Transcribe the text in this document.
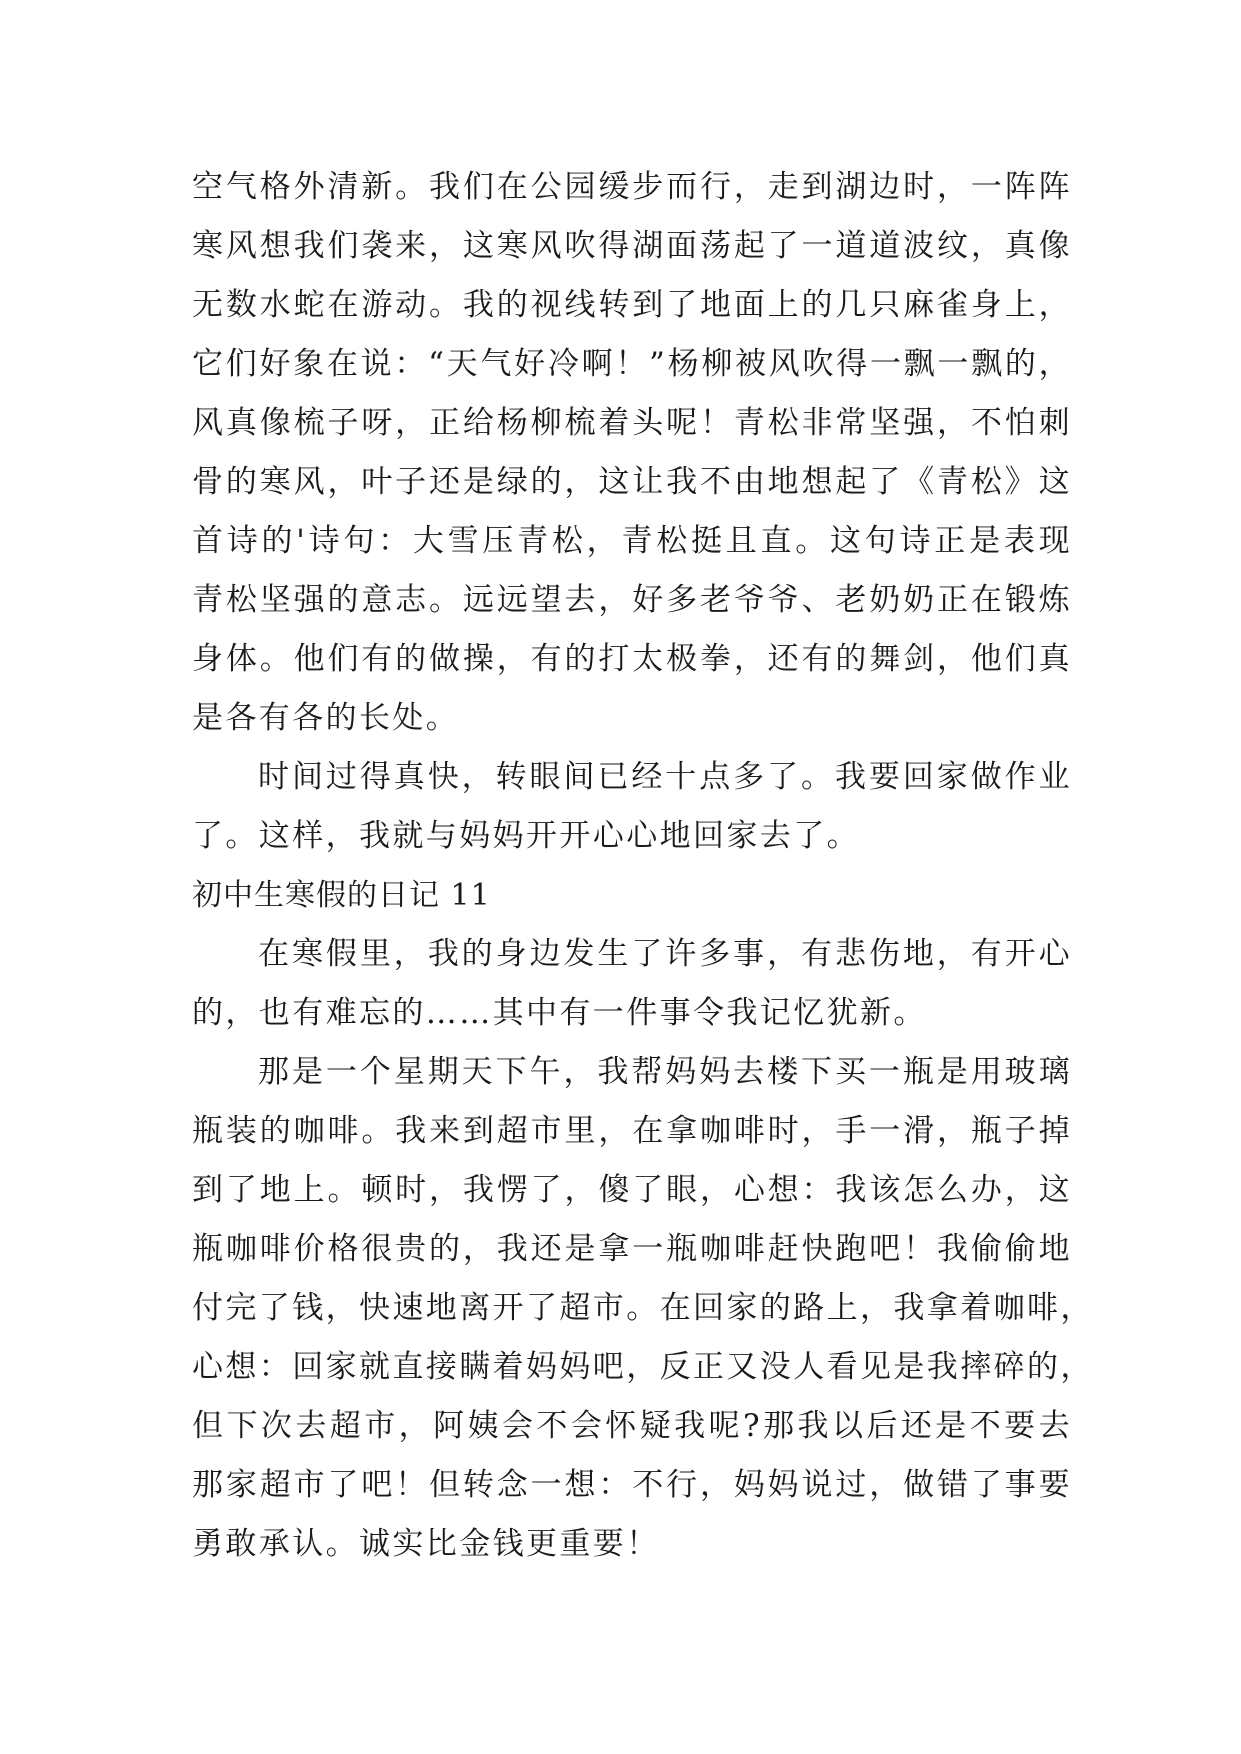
空气格外清新。我们在公园缓步而行，走到湖边时，一阵阵
寒风想我们袭来，这寒风吹得湖面荡起了一道道波纹，真像
无数水蛇在游动。我的视线转到了地面上的几只麻雀身上，
它们好象在说：“天气好冷啊！”杨柳被风吹得一飘一飘的，
风真像梳子呀，正给杨柳梳着头呢！青松非常坚强，不怕刺
骨的寒风，叶子还是绿的，这让我不由地想起了《青松》这
首诗的'诗句：大雪压青松，青松挺且直。这句诗正是表现
青松坚强的意志。远远望去，好多老爷爷、老奶奶正在锻炼
身体。他们有的做操，有的打太极拳，还有的舞剑，他们真
是各有各的长处。
时间过得真快，转眼间已经十点多了。我要回家做作业
了。这样，我就与妈妈开开心心地回家去了。
初中生寒假的日记 11
在寒假里，我的身边发生了许多事，有悲伤地，有开心
的，也有难忘的……其中有一件事令我记忆犹新。
那是一个星期天下午，我帮妈妈去楼下买一瓶是用玻璃
瓶装的咖啡。我来到超市里，在拿咖啡时，手一滑，瓶子掉
到了地上。顿时，我愣了，傻了眼，心想：我该怎么办，这
瓶咖啡价格很贵的，我还是拿一瓶咖啡赶快跑吧！我偷偷地
付完了钱，快速地离开了超市。在回家的路上，我拿着咖啡，
心想：回家就直接瞒着妈妈吧，反正又没人看见是我摔碎的，
但下次去超市，阿姨会不会怀疑我呢?那我以后还是不要去
那家超市了吧！但转念一想：不行，妈妈说过，做错了事要
勇敢承认。诚实比金钱更重要！
